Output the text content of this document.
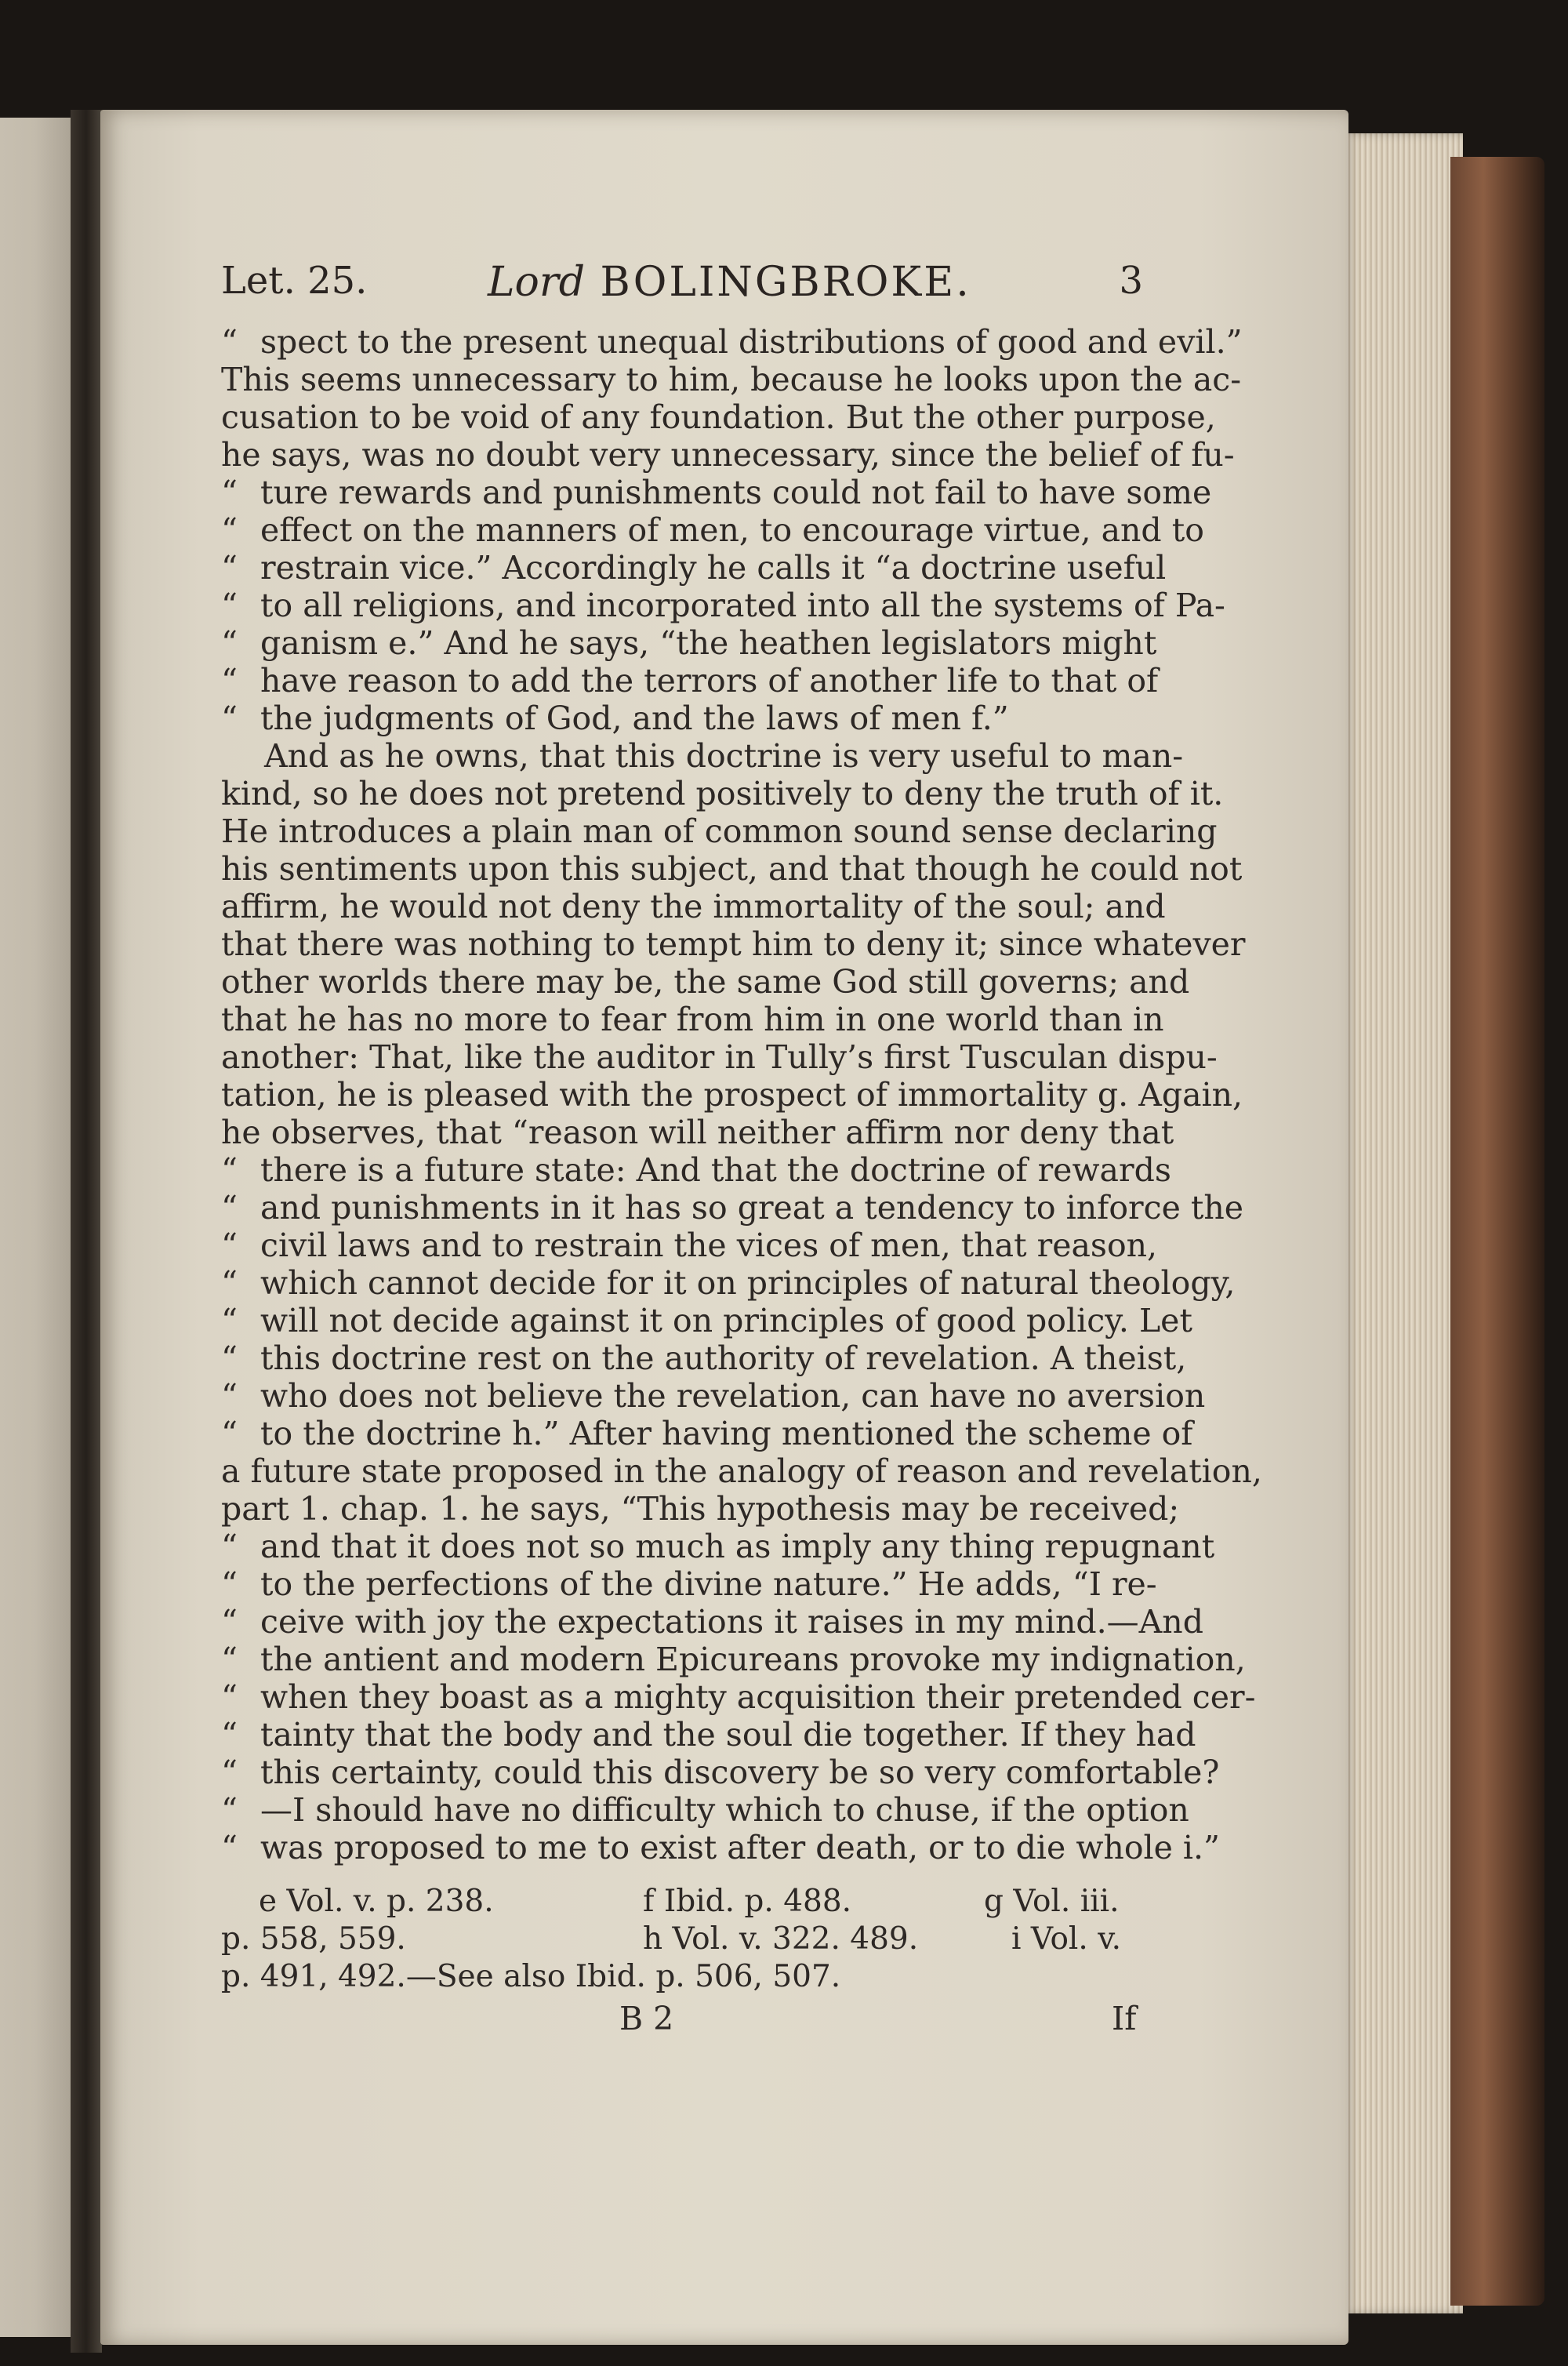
Let. 25.	Lord BOLINGBROKE.	3
“ spect to the present unequal distributions of good and evil.”
This seems unnecessary to him, because he looks upon the ac-
cusation to be void of any foundation. But the other purpose,
he says, was no doubt very unnecessary, since the belief of fu-
“ ture rewards and punishments could not fail to have some
“ effect on the manners of men, to encourage virtue, and to
“ restrain vice.” Accordingly he calls it “a doctrine useful
“ to all religions, and incorporated into all the systems of Pa-
“ ganism e.” And he says, “the heathen legislators might
“ have reason to add the terrors of another life to that of
“ the judgments of God, and the laws of men f.”
And as he owns, that this doctrine is very useful to man-
kind, so he does not pretend positively to deny the truth of it.
He introduces a plain man of common sound sense declaring
his sentiments upon this subject, and that though he could not
affirm, he would not deny the immortality of the soul; and
that there was nothing to tempt him to deny it; since whatever
other worlds there may be, the same God still governs; and
that he has no more to fear from him in one world than in
another: That, like the auditor in Tully’s first Tusculan dispu-
tation, he is pleased with the prospect of immortality g. Again,
he observes, that “reason will neither affirm nor deny that
“ there is a future state: And that the doctrine of rewards
“ and punishments in it has so great a tendency to inforce the
“ civil laws and to restrain the vices of men, that reason,
“ which cannot decide for it on principles of natural theology,
“ will not decide against it on principles of good policy. Let
“ this doctrine rest on the authority of revelation. A theist,
“ who does not believe the revelation, can have no aversion
“ to the doctrine h.” After having mentioned the scheme of
a future state proposed in the analogy of reason and revelation,
part 1. chap. 1. he says, “This hypothesis may be received;
“ and that it does not so much as imply any thing repugnant
“ to the perfections of the divine nature.” He adds, “I re-
“ ceive with joy the expectations it raises in my mind.—And
“ the antient and modern Epicureans provoke my indignation,
“ when they boast as a mighty acquisition their pretended cer-
“ tainty that the body and the soul die together. If they had
“ this certainty, could this discovery be so very comfortable?
“ —I should have no difficulty which to chuse, if the option
“ was proposed to me to exist after death, or to die whole i.”
e Vol. v. p. 238.	f Ibid. p. 488.	g Vol. iii.
p. 558, 559.	h Vol. v. 322. 489.	i Vol. v.
p. 491, 492.—See also Ibid. p. 506, 507.
B 2	If
